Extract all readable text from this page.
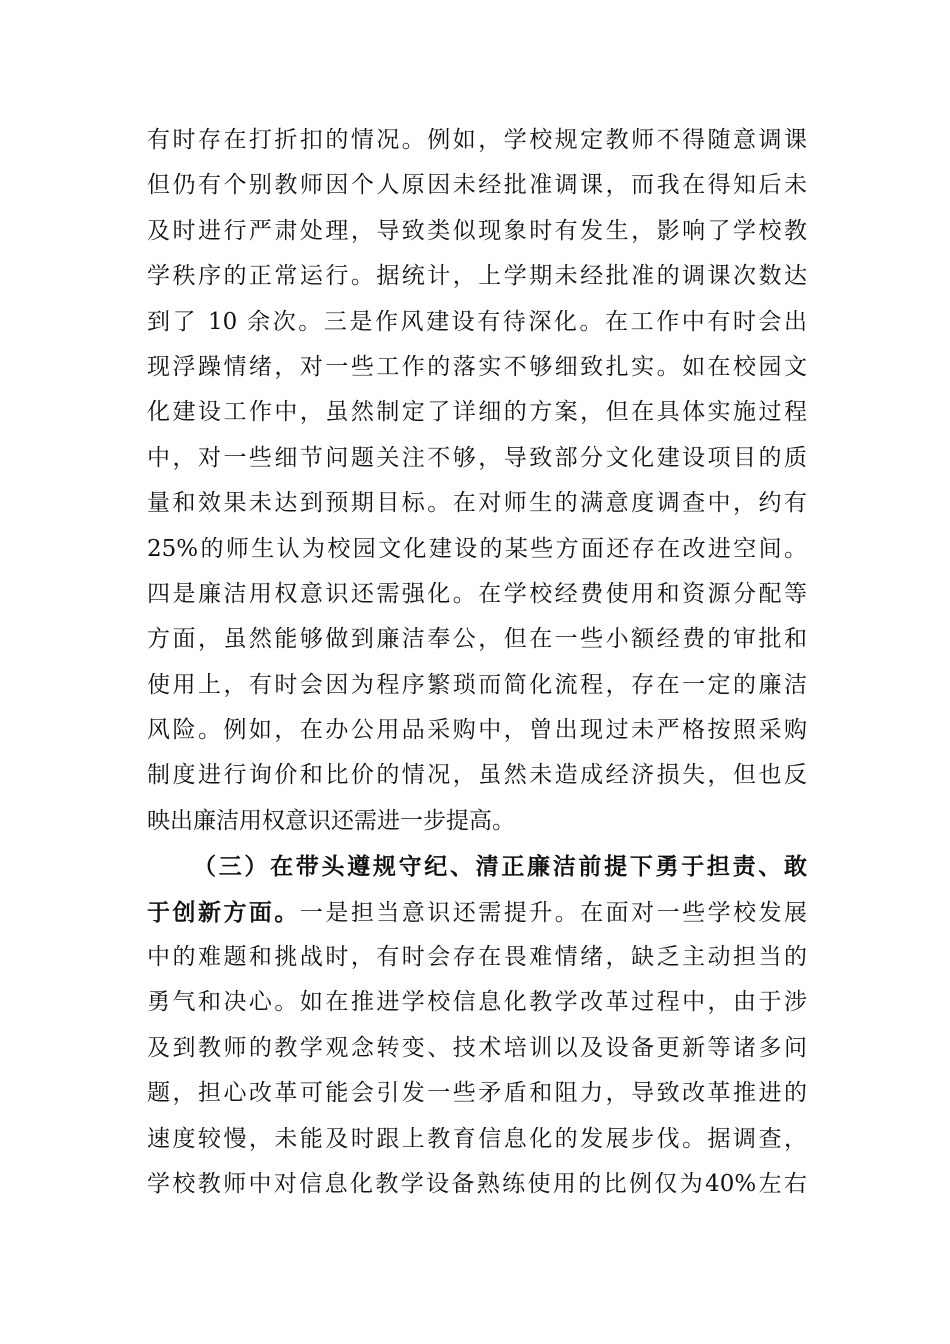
有时存在打折扣的情况。例如，学校规定教师不得随意调课
但仍有个别教师因个人原因未经批准调课，而我在得知后未
及时进行严肃处理，导致类似现象时有发生，影响了学校教
学秩序的正常运行。据统计，上学期未经批准的调课次数达
到了 10 余次。三是作风建设有待深化。在工作中有时会出
现浮躁情绪，对一些工作的落实不够细致扎实。如在校园文
化建设工作中，虽然制定了详细的方案，但在具体实施过程
中，对一些细节问题关注不够，导致部分文化建设项目的质
量和效果未达到预期目标。在对师生的满意度调查中，约有
25%的师生认为校园文化建设的某些方面还存在改进空间。
四是廉洁用权意识还需强化。在学校经费使用和资源分配等
方面，虽然能够做到廉洁奉公，但在一些小额经费的审批和
使用上，有时会因为程序繁琐而简化流程，存在一定的廉洁
风险。例如，在办公用品采购中，曾出现过未严格按照采购
制度进行询价和比价的情况，虽然未造成经济损失，但也反
映出廉洁用权意识还需进一步提高。
（三）在带头遵规守纪、清正廉洁前提下勇于担责、敢
于创新方面。一是担当意识还需提升。在面对一些学校发展
中的难题和挑战时，有时会存在畏难情绪，缺乏主动担当的
勇气和决心。如在推进学校信息化教学改革过程中，由于涉
及到教师的教学观念转变、技术培训以及设备更新等诸多问
题，担心改革可能会引发一些矛盾和阻力，导致改革推进的
速度较慢，未能及时跟上教育信息化的发展步伐。据调查，
学校教师中对信息化教学设备熟练使用的比例仅为40%左右
